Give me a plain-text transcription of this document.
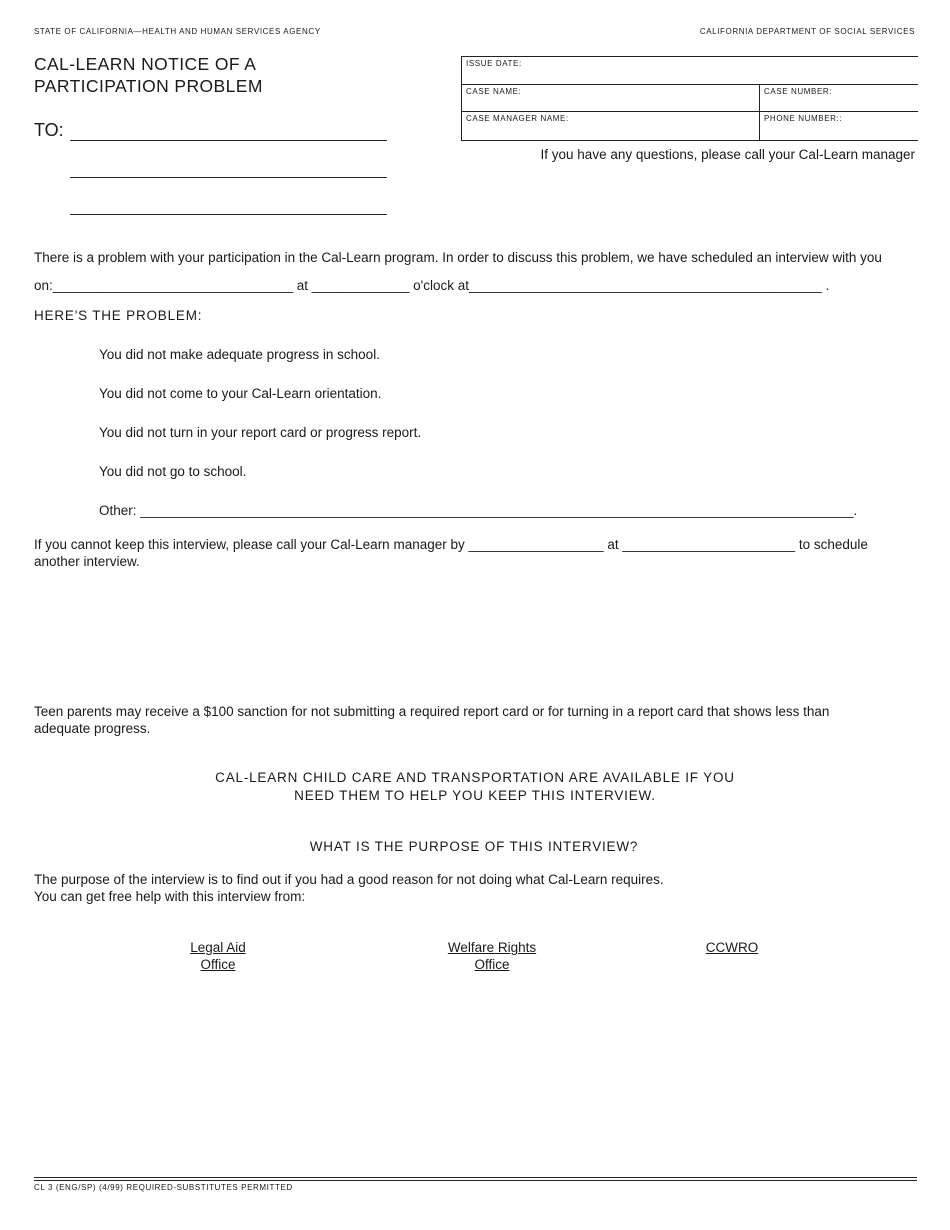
STATE OF CALIFORNIA—HEALTH AND HUMAN SERVICES AGENCY	CALIFORNIA DEPARTMENT OF SOCIAL SERVICES
CAL-LEARN NOTICE OF A
PARTICIPATION PROBLEM
TO:
ISSUE DATE:
CASE NAME:	CASE NUMBER:
CASE MANAGER NAME:	PHONE NUMBER::
If you have any questions, please call your Cal-Learn manager
There is a problem with your participation in the Cal-Learn program. In order to discuss this problem, we have scheduled an interview with you
on:________________________________ at _____________ o'clock at_______________________________________________ .
HERE'S THE PROBLEM:
You did not make adequate progress in school.
You did not come to your Cal-Learn orientation.
You did not turn in your report card or progress report.
You did not go to school.
Other: _______________________________________________________________________________________________.
If you cannot keep this interview, please call your Cal-Learn manager by __________________ at _______________________ to schedule
another interview.
Teen parents may receive a $100 sanction for not submitting a required report card or for turning in a report card that shows less than
adequate progress.
CAL-LEARN CHILD CARE AND TRANSPORTATION ARE AVAILABLE IF YOU
NEED THEM TO HELP YOU KEEP THIS INTERVIEW.
WHAT IS THE PURPOSE OF THIS INTERVIEW?
The purpose of the interview is to find out if you had a good reason for not doing what Cal-Learn requires.
You can get free help with this interview from:
Legal Aid
Office
Welfare Rights
Office
CCWRO
CL 3 (ENG/SP) (4/99) REQUIRED-SUBSTITUTES PERMITTED
